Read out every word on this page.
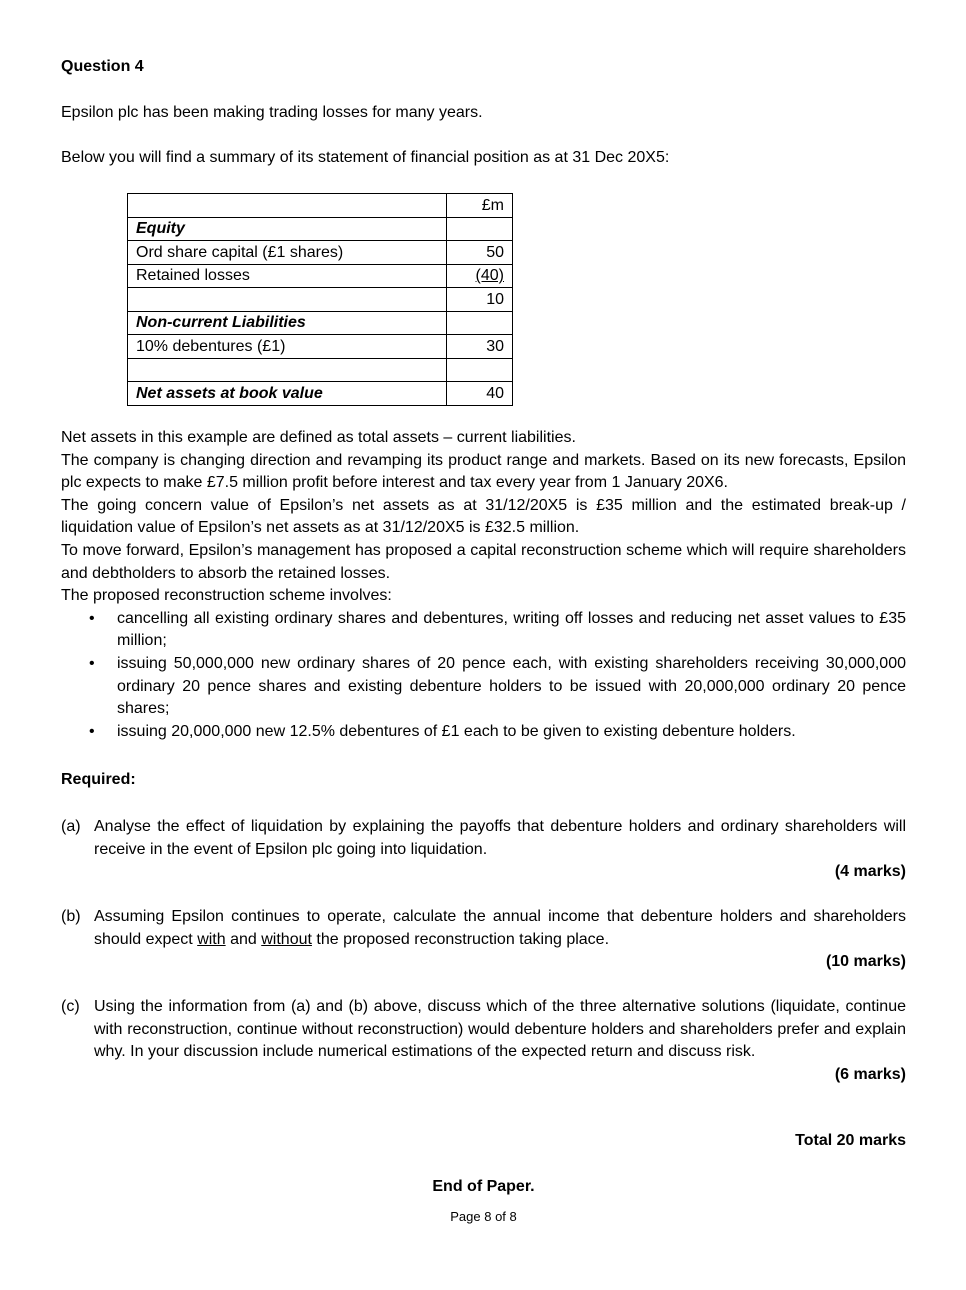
Question 4

Epsilon plc has been making trading losses for many years.

Below you will find a summary of its statement of financial position as at 31 Dec 20X5:

	£m
Equity	
Ord share capital (£1 shares)	50
Retained losses	(40)
	10
Non-current Liabilities	
10% debentures (£1)	30

Net assets at book value	40

Net assets in this example are defined as total assets – current liabilities.

The company is changing direction and revamping its product range and markets. Based on its new forecasts, Epsilon plc expects to make £7.5 million profit before interest and tax every year from 1 January 20X6.

The going concern value of Epsilon’s net assets as at 31/12/20X5 is £35 million and the estimated break-up / liquidation value of Epsilon’s net assets as at 31/12/20X5 is £32.5 million.

To move forward, Epsilon’s management has proposed a capital reconstruction scheme which will require shareholders and debtholders to absorb the retained losses.

The proposed reconstruction scheme involves:

• cancelling all existing ordinary shares and debentures, writing off losses and reducing net asset values to £35 million;
• issuing 50,000,000 new ordinary shares of 20 pence each, with existing shareholders receiving 30,000,000 ordinary 20 pence shares and existing debenture holders to be issued with 20,000,000 ordinary 20 pence shares;
• issuing 20,000,000 new 12.5% debentures of £1 each to be given to existing debenture holders.

Required:

(a) Analyse the effect of liquidation by explaining the payoffs that debenture holders and ordinary shareholders will receive in the event of Epsilon plc going into liquidation.
(4 marks)
(b) Assuming Epsilon continues to operate, calculate the annual income that debenture holders and shareholders should expect with and without the proposed reconstruction taking place.
(10 marks)
(c) Using the information from (a) and (b) above, discuss which of the three alternative solutions (liquidate, continue with reconstruction, continue without reconstruction) would debenture holders and shareholders prefer and explain why. In your discussion include numerical estimations of the expected return and discuss risk.
(6 marks)

Total 20 marks

End of Paper.

Page 8 of 8
